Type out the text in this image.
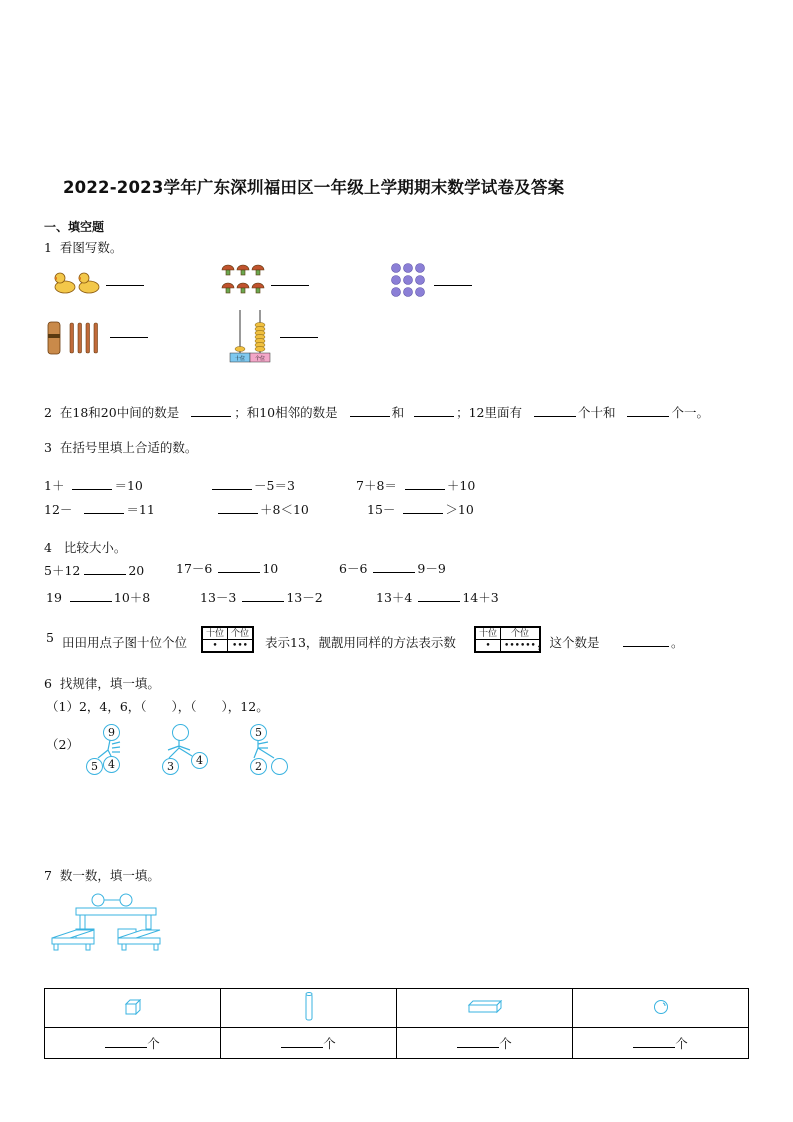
2022-2023学年广东深圳福田区一年级上学期期末数学试卷及答案
一、填空题
1 看图写数。
十位 个位
2 在18和20中间的数是	；和10相邻的数是	和	；12里面有	个十和	个一。
3 在括号里填上合适的数。
1＋	＝10	－5＝3	7＋8＝	＋10
12－	＝11	＋8＜10	15－	＞10
4 比较大小。
5＋12	20	17－6	10	6－6	9－9
19	10＋8	13－3	13－2	13＋4	14＋3
5 田田用点子图十位个位
十位	个位
•	••• 表示13，靓靓用同样的方法表示数
十位	个位
•	•••••• ，这个数是	。
6 找规律，填一填。
（1）2，4，6，（　　），（　　），12。
（2）
9
5 4	3	4
5
2
7 数一数，填一填。

个	个	个	个
